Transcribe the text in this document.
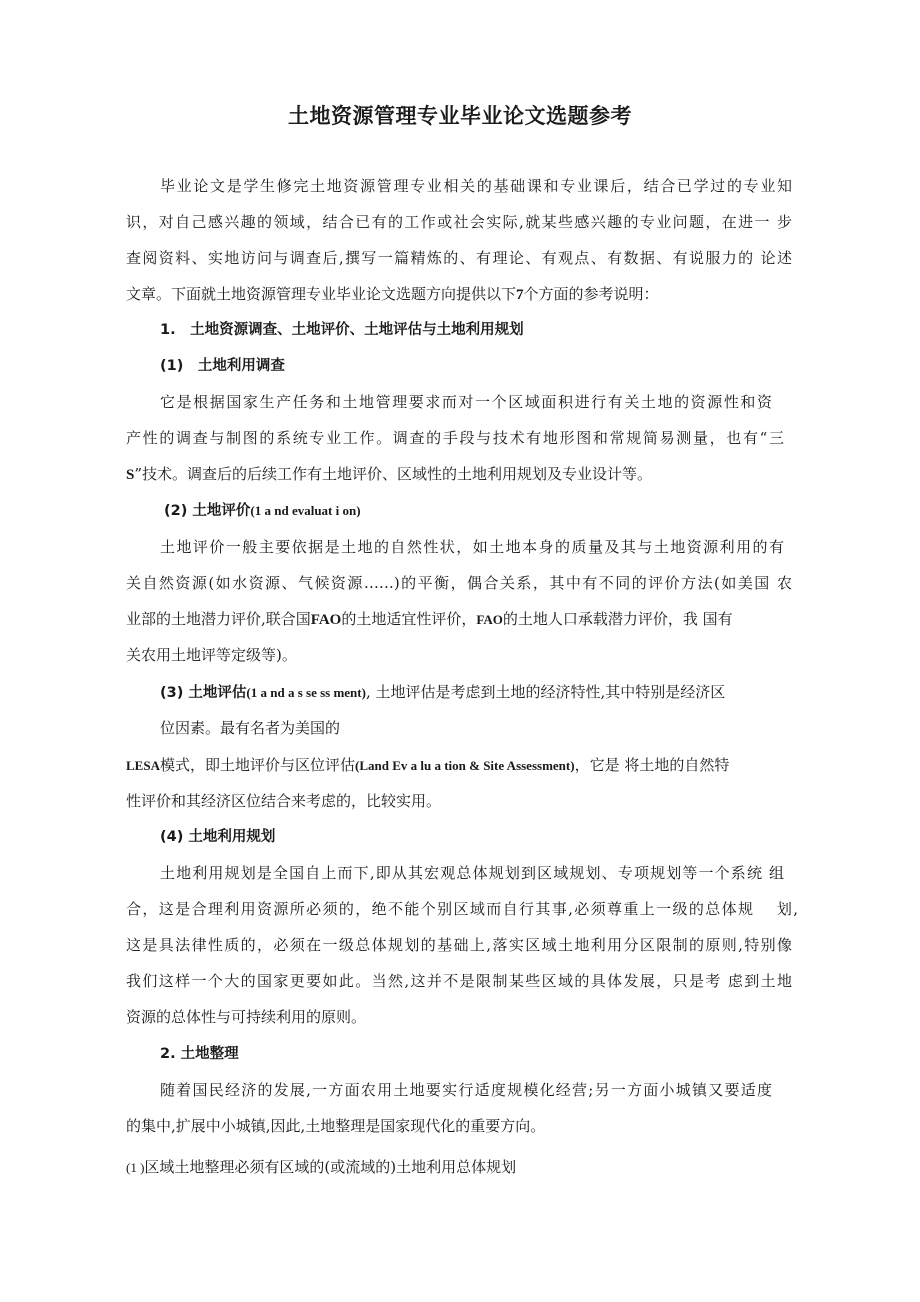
土地资源管理专业毕业论文选题参考

毕业论文是学生修完土地资源管理专业相关的基础课和专业课后，结合已学过的专业知

识，对自己感兴趣的领域，结合已有的工作或社会实际,就某些感兴趣的专业问题，在进一 步

查阅资料、实地访问与调查后,撰写一篇精炼的、有理论、有观点、有数据、有说服力的 论述

文章。下面就土地资源管理专业毕业论文选题方向提供以下7个方面的参考说明：

1.　土地资源调查、土地评价、土地评估与土地利用规划

(1)　土地利用调查

它是根据国家生产任务和土地管理要求而对一个区域面积进行有关土地的资源性和资

产性的调查与制图的系统专业工作。调查的手段与技术有地形图和常规简易测量，也有“三

S”技术。调查后的后续工作有土地评价、区域性的土地利用规划及专业设计等。

(2) 土地评价(1 a nd evaluat i on)

土地评价一般主要依据是土地的自然性状，如土地本身的质量及其与土地资源利用的有

关自然资源(如水资源、气候资源……)的平衡，偶合关系，其中有不同的评价方法(如美国 农

业部的土地潜力评价,联合国FAO的土地适宜性评价，FAO的土地人口承载潜力评价，我 国有

关农用土地评等定级等)。

(3) 土地评估(1 a nd a s se ss ment), 土地评估是考虑到土地的经济特性,其中特别是经济区

位因素。最有名者为美国的

LESA模式，即土地评价与区位评估(Land Ev a lu a tion & Site Assessment)，它是 将土地的自然特

性评价和其经济区位结合来考虑的，比较实用。

(4) 土地利用规划

土地利用规划是全国自上而下,即从其宏观总体规划到区域规划、专项规划等一个系统 组

合，这是合理利用资源所必须的，绝不能个别区域而自行其事,必须尊重上一级的总体规　 划,

这是具法律性质的，必须在一级总体规划的基础上,落实区域土地利用分区限制的原则,特别像

我们这样一个大的国家更要如此。当然,这并不是限制某些区域的具体发展，只是考 虑到土地

资源的总体性与可持续利用的原则。

2. 土地整理

随着国民经济的发展,一方面农用土地要实行适度规模化经营;另一方面小城镇又要适度

的集中,扩展中小城镇,因此,土地整理是国家现代化的重要方向。

(1 )区域土地整理必须有区域的(或流域的)土地利用总体规划
